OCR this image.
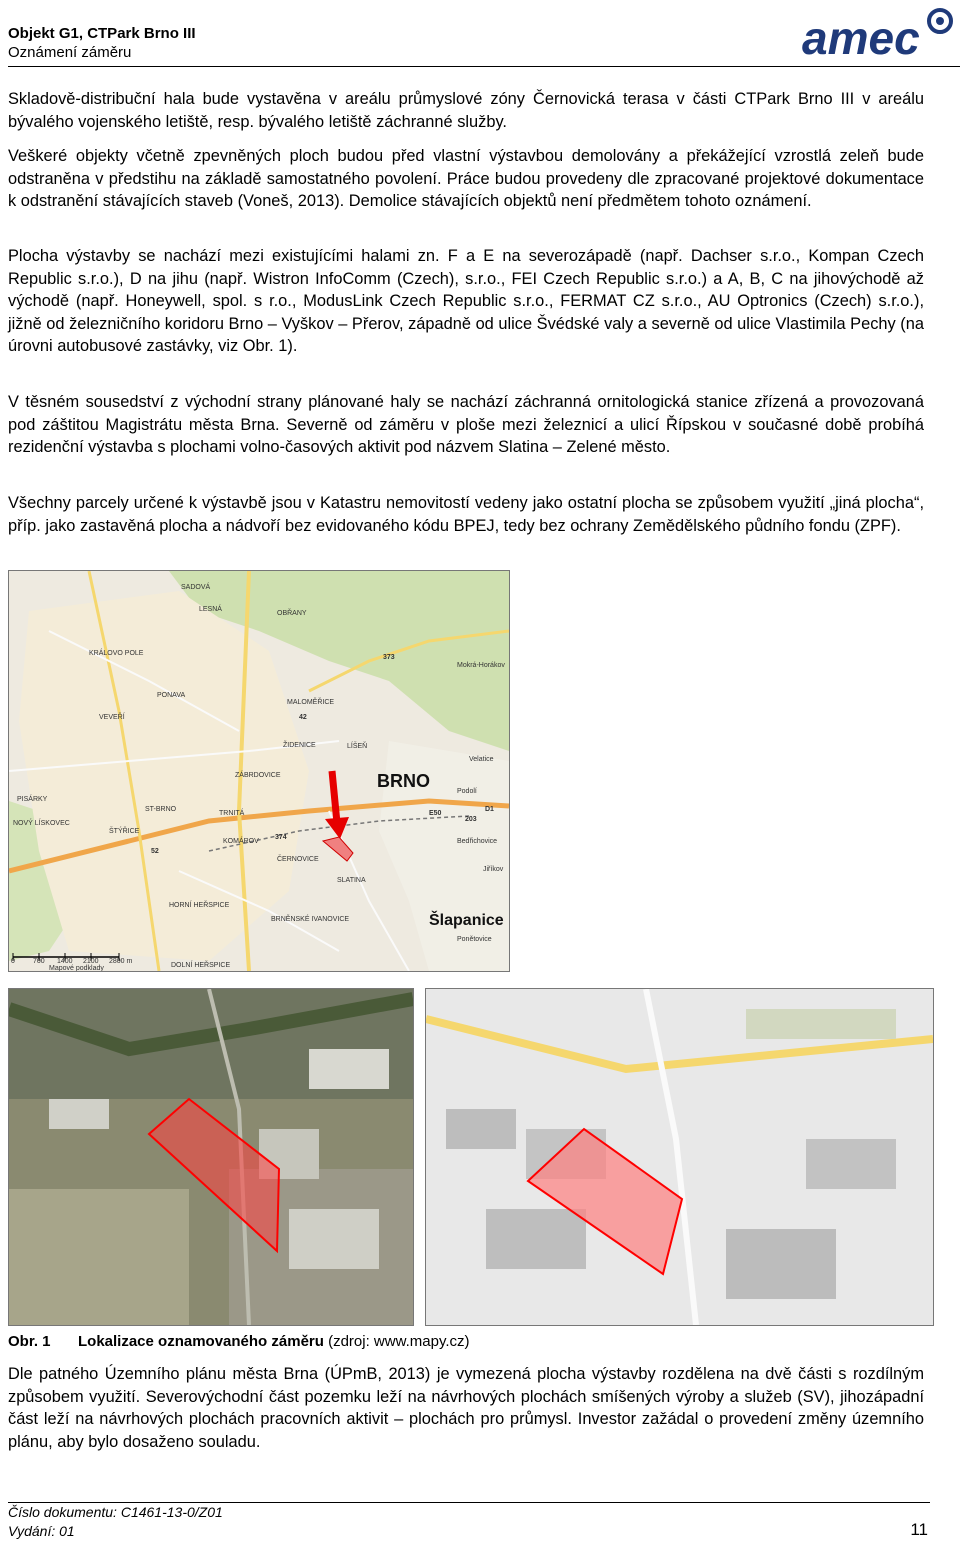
Objekt G1, CTPark Brno III
Oznámení záměru	amec

Skladově-distribuční hala bude vystavěna v areálu průmyslové zóny Černovická terasa v části CTPark Brno III v areálu bývalého vojenského letiště, resp. bývalého letiště záchranné služby.

Veškeré objekty včetně zpevněných ploch budou před vlastní výstavbou demolovány a překážející vzrostlá zeleň bude odstraněna v předstihu na základě samostatného povolení. Práce budou provedeny dle zpracované projektové dokumentace k odstranění stávajících staveb (Voneš, 2013). Demolice stávajících objektů není předmětem tohoto oznámení.

Plocha výstavby se nachází mezi existujícími halami zn. F a E na severozápadě (např. Dachser s.r.o., Kompan Czech Republic s.r.o.), D na jihu (např. Wistron InfoComm (Czech), s.r.o., FEI Czech Republic s.r.o.) a A, B, C na jihovýchodě až východě (např. Honeywell, spol. s r.o., ModusLink Czech Republic s.r.o., FERMAT CZ s.r.o., AU Optronics (Czech) s.r.o.), jižně od železničního koridoru Brno – Vyškov – Přerov, západně od ulice Švédské valy a severně od ulice Vlastimila Pechy (na úrovni autobusové zastávky, viz Obr. 1).

V těsném sousedství z východní strany plánované haly se nachází záchranná ornitologická stanice zřízená a provozovaná pod záštitou Magistrátu města Brna. Severně od záměru v ploše mezi železnicí a ulicí Řípskou v současné době probíhá rezidenční výstavba s plochami volno-časových aktivit pod názvem Slatina – Zelené město.

Všechny parcely určené k výstavbě jsou v Katastru nemovitostí vedeny jako ostatní plocha se způsobem využití „jiná plocha“, příp. jako zastavěná plocha a nádvoří bez evidovaného kódu BPEJ, tedy bez ochrany Zemědělského půdního fondu (ZPF).

SADOVÁ
LESNÁ
OBŘANY
KRÁLOVO POLE
MALOMĚŘICE
PONAVA
ŽIDENICE
VEVEŘÍ
ZÁBRDOVICE
LÍŠEŇ
PISÁRKY
ŠTÝŘICE
ST-BRNO
TRNITÁ
KOMÁROV
ČERNOVICE
SLATINA
BRNĚNSKÉ IVANOVICE
HORNÍ HEŘSPICE
DOLNÍ HEŘSPICE
Podolí
Bedřichovice
Velatice
Mokrá-Horákov
Ponětovice
Jiříkov
NOVÝ LÍSKOVEC
373
42
D1
E50
374
52
203
BRNO
Šlapanice
0	700 1400 2100 2800 m
Mapové podklady
Obr. 1 Lokalizace oznamovaného záměru (zdroj: www.mapy.cz)

Dle patného Územního plánu města Brna (ÚPmB, 2013) je vymezená plocha výstavby rozdělena na dvě části s rozdílným způsobem využití. Severovýchodní část pozemku leží na návrhových plochách smíšených výroby a služeb (SV), jihozápadní část leží na návrhových plochách pracovních aktivit – plochách pro průmysl. Investor zažádal o provedení změny územního plánu, aby bylo dosaženo souladu.

Číslo dokumentu: C1461-13-0/Z01
Vydání: 01	11
